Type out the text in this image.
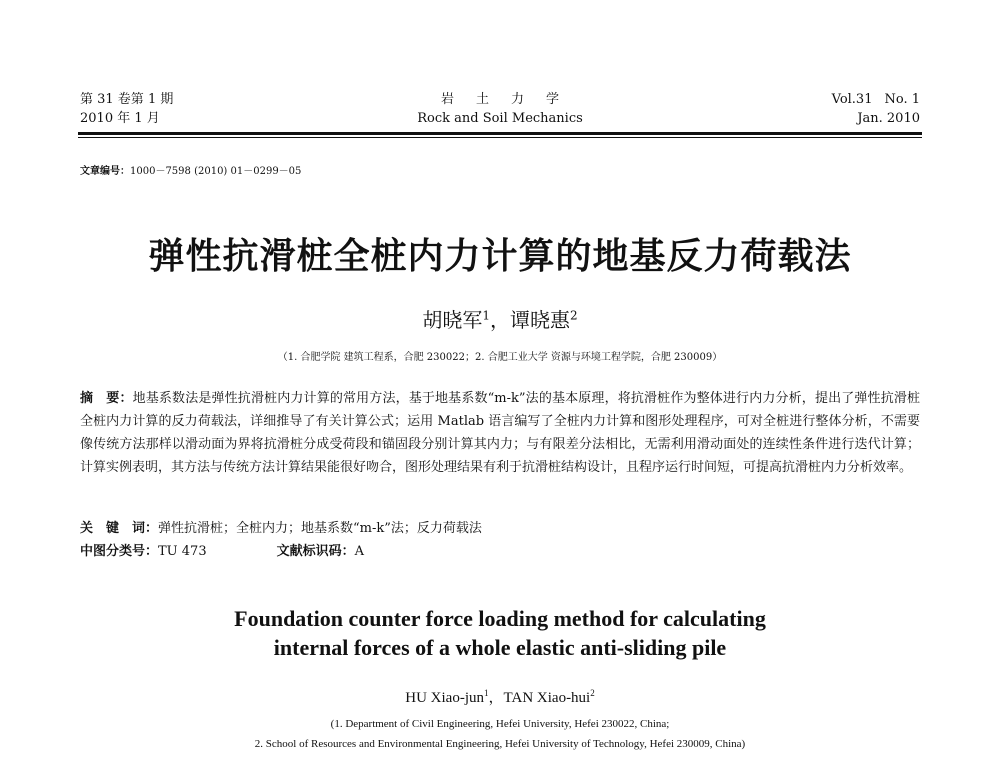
第 31 卷第 1 期
2010 年 1 月
岩土力学
Rock and Soil Mechanics
Vol.31 No. 1
Jan. 2010
文章编号：1000－7598 (2010) 01－0299－05
弹性抗滑桩全桩内力计算的地基反力荷载法
胡晓军$^1$，谭晓惠$^2$
（1. 合肥学院 建筑工程系，合肥 230022；2. 合肥工业大学 资源与环境工程学院，合肥 230009）
摘　要：地基系数法是弹性抗滑桩内力计算的常用方法，基于地基系数“m-k”法的基本原理，将抗滑桩作为整体进行内力分析，提出了弹性抗滑桩全桩内力计算的反力荷载法，详细推导了有关计算公式；运用 Matlab 语言编写了全桩内力计算和图形处理程序，可对全桩进行整体分析，不需要像传统方法那样以滑动面为界将抗滑桩分成受荷段和锚固段分别计算其内力；与有限差分法相比，无需利用滑动面处的连续性条件进行迭代计算；计算实例表明，其方法与传统方法计算结果能很好吻合，图形处理结果有利于抗滑桩结构设计，且程序运行时间短，可提高抗滑桩内力分析效率。
关　键　词：弹性抗滑桩；全桩内力；地基系数“m-k”法；反力荷载法
中图分类号：TU 473	文献标识码：A
Foundation counter force loading method for calculating
internal forces of a whole elastic anti-sliding pile
HU Xiao-jun$^1$，TAN Xiao-hui$^2$
(1. Department of Civil Engineering, Hefei University, Hefei 230022, China;
2. School of Resources and Environmental Engineering, Hefei University of Technology, Hefei 230009, China)
